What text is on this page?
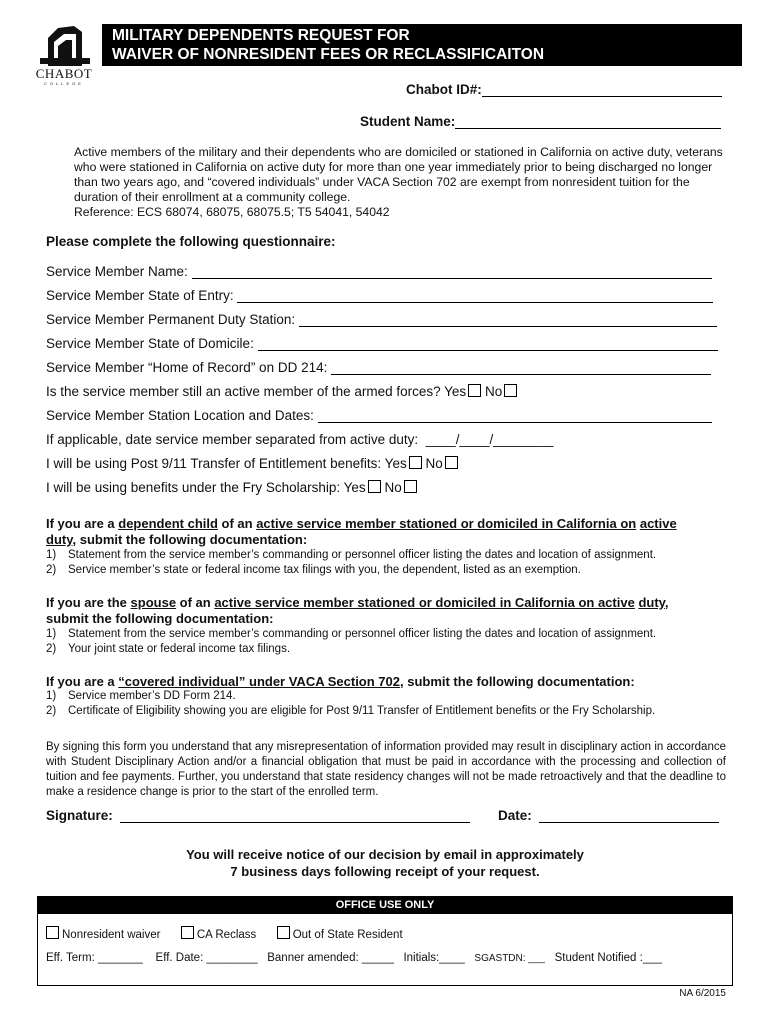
CHABOT
COLLEGE
MILITARY DEPENDENTS REQUEST FOR
WAIVER OF NONRESIDENT FEES OR RECLASSIFICAITON
Chabot ID#:
Student Name:
Active members of the military and their dependents who are domiciled or stationed in California on active duty, veterans who were stationed in California on active duty for more than one year immediately prior to being discharged no longer than two years ago, and “covered individuals” under VACA Section 702 are exempt from nonresident tuition for the duration of their enrollment at a community college.
Reference: ECS 68074, 68075, 68075.5; T5 54041, 54042
Please complete the following questionnaire:
Service Member Name:
Service Member State of Entry:
Service Member Permanent Duty Station:
Service Member State of Domicile:
Service Member “Home of Record” on DD 214:
Is the service member still an active member of the armed forces? Yes No
Service Member Station Location and Dates:
If applicable, date service member separated from active duty: ____/____/________
I will be using Post 9/11 Transfer of Entitlement benefits: Yes No
I will be using benefits under the Fry Scholarship: Yes No
If you are a dependent child of an active service member stationed or domiciled in California on active duty, submit the following documentation:
1) Statement from the service member’s commanding or personnel officer listing the dates and location of assignment.
2) Service member’s state or federal income tax filings with you, the dependent, listed as an exemption.
If you are the spouse of an active service member stationed or domiciled in California on active duty, submit the following documentation:
1) Statement from the service member’s commanding or personnel officer listing the dates and location of assignment.
2) Your joint state or federal income tax filings.
If you are a “covered individual” under VACA Section 702, submit the following documentation:
1) Service member’s DD Form 214.
2) Certificate of Eligibility showing you are eligible for Post 9/11 Transfer of Entitlement benefits or the Fry Scholarship.
By signing this form you understand that any misrepresentation of information provided may result in disciplinary action in accordance with Student Disciplinary Action and/or a financial obligation that must be paid in accordance with the processing and collection of tuition and fee payments. Further, you understand that state residency changes will not be made retroactively and that the deadline to make a residence change is prior to the start of the enrolled term.
Signature:	Date:
You will receive notice of our decision by email in approximately
7 business days following receipt of your request.
OFFICE USE ONLY
Nonresident waiver	CA Reclass	Out of State Resident
Eff. Term: _______ Eff. Date: ________ Banner amended: _____ Initials:____ SGASTDN: ___ Student Notified :___
NA 6/2015
